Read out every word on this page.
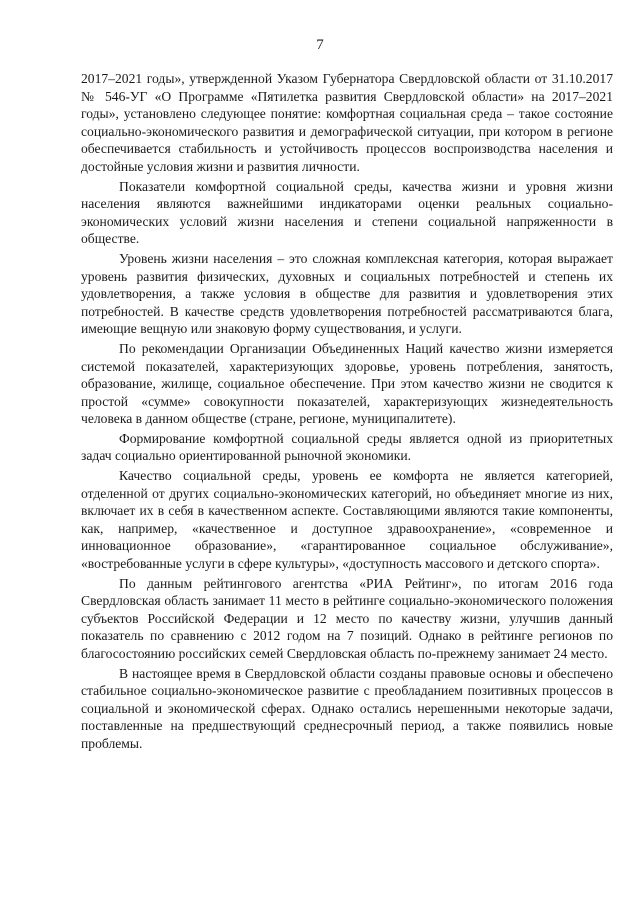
7

2017–2021 годы», утвержденной Указом Губернатора Свердловской области от 31.10.2017 № 546-УГ «О Программе «Пятилетка развития Свердловской области» на 2017–2021 годы», установлено следующее понятие: комфортная социальная среда – такое состояние социально-экономического развития и демографической ситуации, при котором в регионе обеспечивается стабильность и устойчивость процессов воспроизводства населения и достойные условия жизни и развития личности.

Показатели комфортной социальной среды, качества жизни и уровня жизни населения являются важнейшими индикаторами оценки реальных социально-экономических условий жизни населения и степени социальной напряженности в обществе.

Уровень жизни населения – это сложная комплексная категория, которая выражает уровень развития физических, духовных и социальных потребностей и степень их удовлетворения, а также условия в обществе для развития и удовлетворения этих потребностей. В качестве средств удовлетворения потребностей рассматриваются блага, имеющие вещную или знаковую форму существования, и услуги.

По рекомендации Организации Объединенных Наций качество жизни измеряется системой показателей, характеризующих здоровье, уровень потребления, занятость, образование, жилище, социальное обеспечение. При этом качество жизни не сводится к простой «сумме» совокупности показателей, характеризующих жизнедеятельность человека в данном обществе (стране, регионе, муниципалитете).

Формирование комфортной социальной среды является одной из приоритетных задач социально ориентированной рыночной экономики.

Качество социальной среды, уровень ее комфорта не является категорией, отделенной от других социально-экономических категорий, но объединяет многие из них, включает их в себя в качественном аспекте. Составляющими являются такие компоненты, как, например, «качественное и доступное здравоохранение», «современное и инновационное образование», «гарантированное социальное обслуживание», «востребованные услуги в сфере культуры», «доступность массового и детского спорта».

По данным рейтингового агентства «РИА Рейтинг», по итогам 2016 года Свердловская область занимает 11 место в рейтинге социально-экономического положения субъектов Российской Федерации и 12 место по качеству жизни, улучшив данный показатель по сравнению с 2012 годом на 7 позиций. Однако в рейтинге регионов по благосостоянию российских семей Свердловская область по-прежнему занимает 24 место.

В настоящее время в Свердловской области созданы правовые основы и обеспечено стабильное социально-экономическое развитие с преобладанием позитивных процессов в социальной и экономической сферах. Однако остались нерешенными некоторые задачи, поставленные на предшествующий среднесрочный период, а также появились новые проблемы.
